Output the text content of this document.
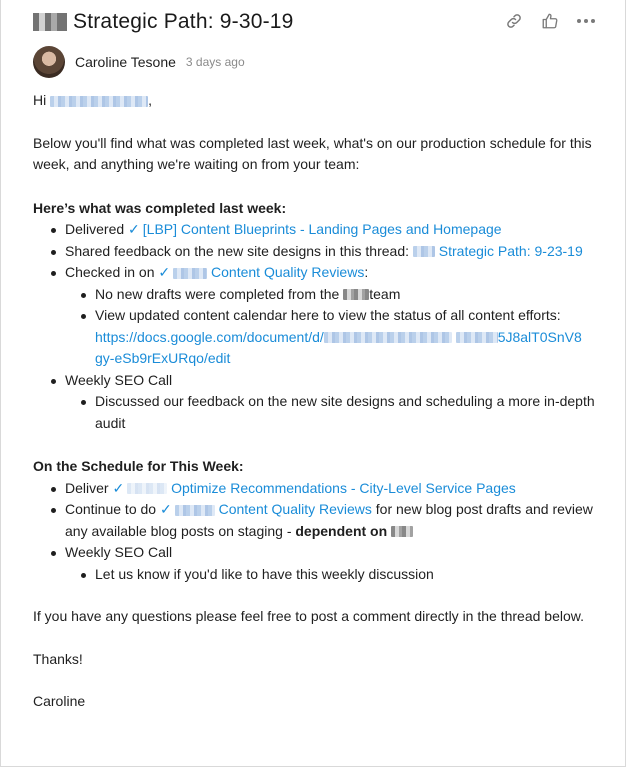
Strategic Path: 9-30-19
Caroline Tesone 3 days ago

Hi	,

Below you'll find what was completed last week, what's on our production schedule for this week, and anything we're waiting on from your team:

Here’s what was completed last week:

Delivered ✓ [LBP] Content Blueprints - Landing Pages and Homepage
Shared feedback on the new site designs in this thread: Strategic Path: 9-23-19
Checked in on ✓	Content Quality Reviews:
No new drafts were completed from the team
View updated content calendar here to view the status of all content efforts: https://docs.google.com/document/d/	5J8alT0SnV8 gy-eSb9rExURqo/edit
Weekly SEO Call
Discussed our feedback on the new site designs and scheduling a more in-depth audit

On the Schedule for This Week:

Deliver ✓	Optimize Recommendations - City-Level Service Pages
Continue to do ✓	Content Quality Reviews for new blog post drafts and review any available blog posts on staging - dependent on
Weekly SEO Call
Let us know if you'd like to have this weekly discussion

If you have any questions please feel free to post a comment directly in the thread below.

Thanks!

Caroline
